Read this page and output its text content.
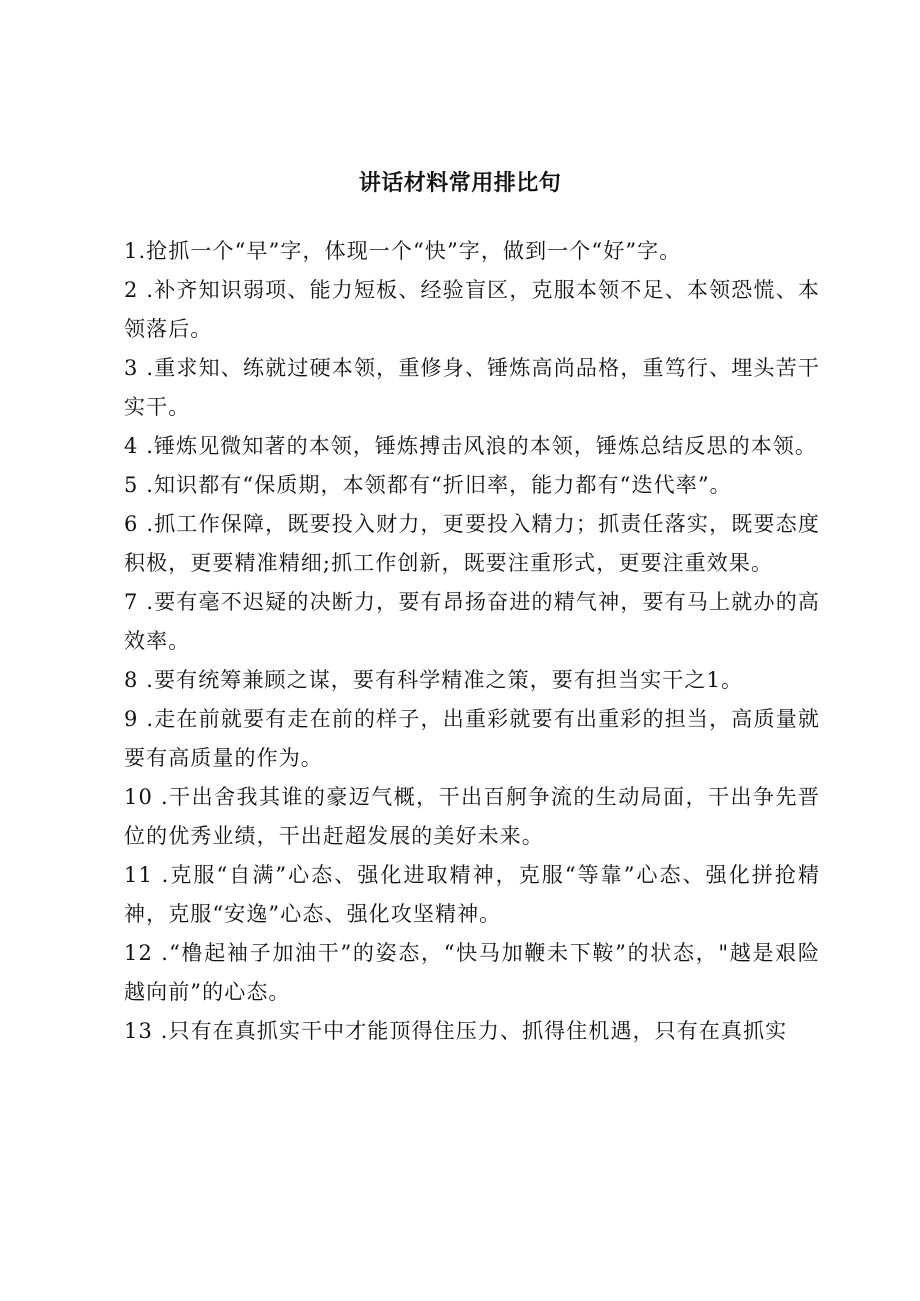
讲话材料常用排比句

1.抢抓一个“早”字，体现一个“快”字，做到一个“好”字。

2 .补齐知识弱项、能力短板、经验盲区，克服本领不足、本领恐慌、本领落后。

3 .重求知、练就过硬本领，重修身、锤炼高尚品格，重笃行、埋头苦干实干。

4 .锤炼见微知著的本领，锤炼搏击风浪的本领，锤炼总结反思的本领。

5 .知识都有“保质期，本领都有“折旧率，能力都有“迭代率”。

6 .抓工作保障，既要投入财力，更要投入精力；抓责任落实，既要态度积极，更要精准精细;抓工作创新，既要注重形式，更要注重效果。

7 .要有毫不迟疑的决断力，要有昂扬奋进的精气神，要有马上就办的高效率。

8 .要有统筹兼顾之谋，要有科学精准之策，要有担当实干之1。

9 .走在前就要有走在前的样子，出重彩就要有出重彩的担当，高质量就要有高质量的作为。

10 .干出舍我其谁的豪迈气概，干出百舸争流的生动局面，干出争先晋位的优秀业绩，干出赶超发展的美好未来。

11 .克服“自满”心态、强化进取精神，克服“等靠”心态、强化拼抢精神，克服“安逸”心态、强化攻坚精神。

12 .“橹起袖子加油干”的姿态，“快马加鞭未下鞍”的状态，"越是艰险越向前”的心态。

13 .只有在真抓实干中才能顶得住压力、抓得住机遇，只有在真抓实
